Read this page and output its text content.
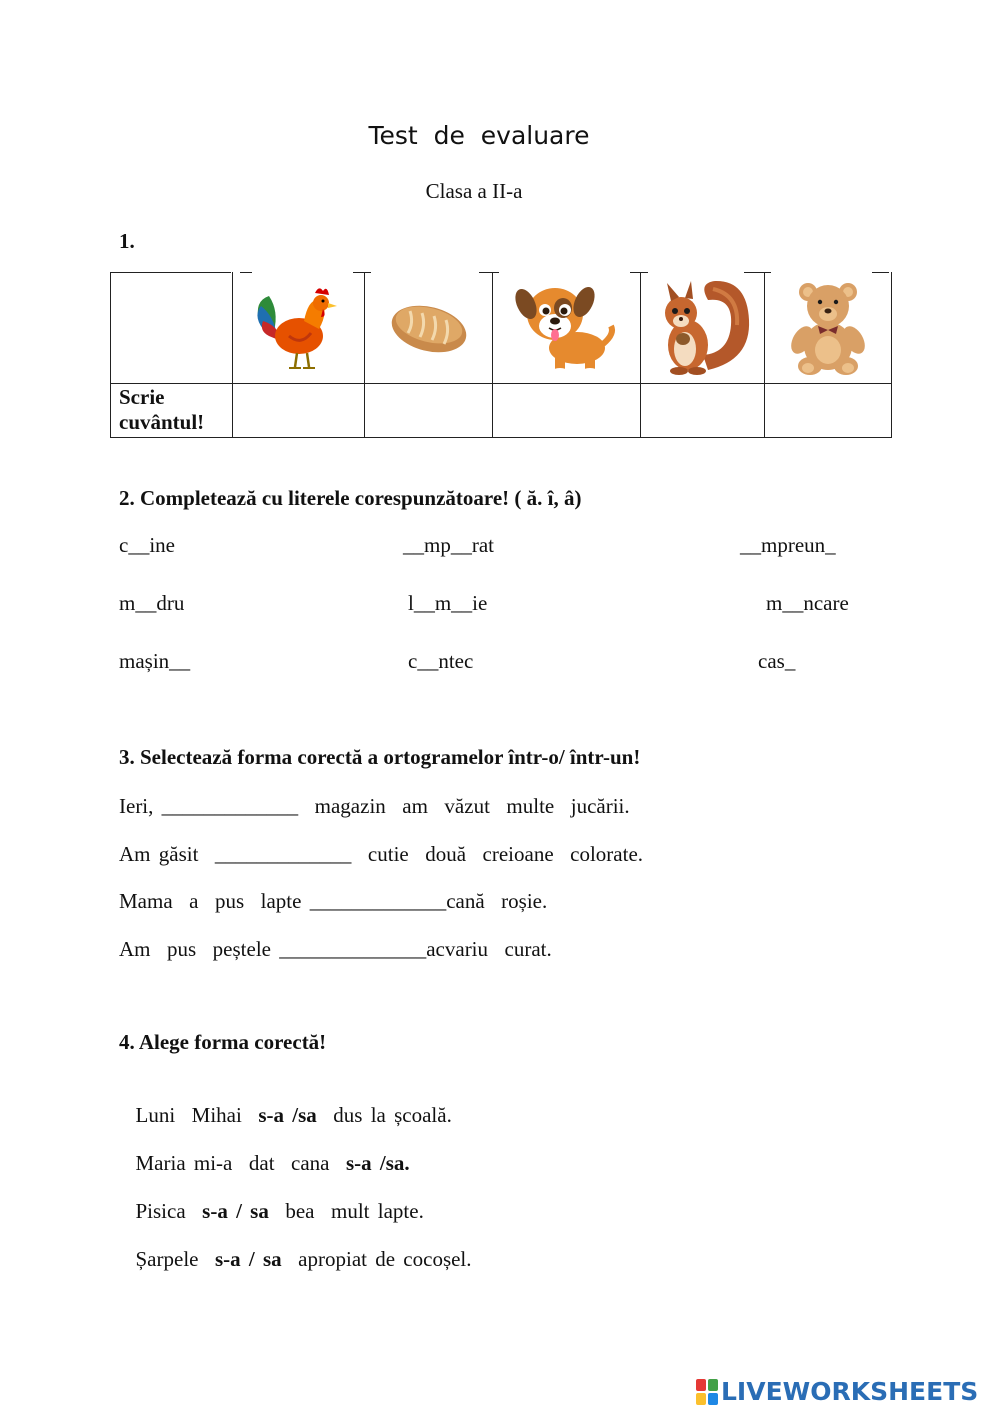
Test  de  evaluare
Clasa a II-a
1.

Scrie
cuvântul!					

2. Completează cu literele corespunzătoare! ( ă. î, â)
c__ine	__mp__rat	__mpreun_
m__dru	l__m__ie	m__ncare
mașin__	c__ntec	cas_
3. Selectează forma corectă a ortogramelor într-o/ într-un!
Ieri, _____________  magazin  am  văzut  multe  jucării.
Am găsit  _____________  cutie  două  creioane  colorate.
Mama  a  pus  lapte _____________cană  roșie.
Am  pus  peștele ______________acvariu  curat.
4. Alege forma corectă!

Luni  Mihai  s-a /sa  dus la școală.

Maria mi-a  dat  cana  s-a /sa.

Pisica  s-a / sa  bea  mult lapte.

Șarpele  s-a / sa  apropiat de cocoșel.

LIVEWORKSHEETS
